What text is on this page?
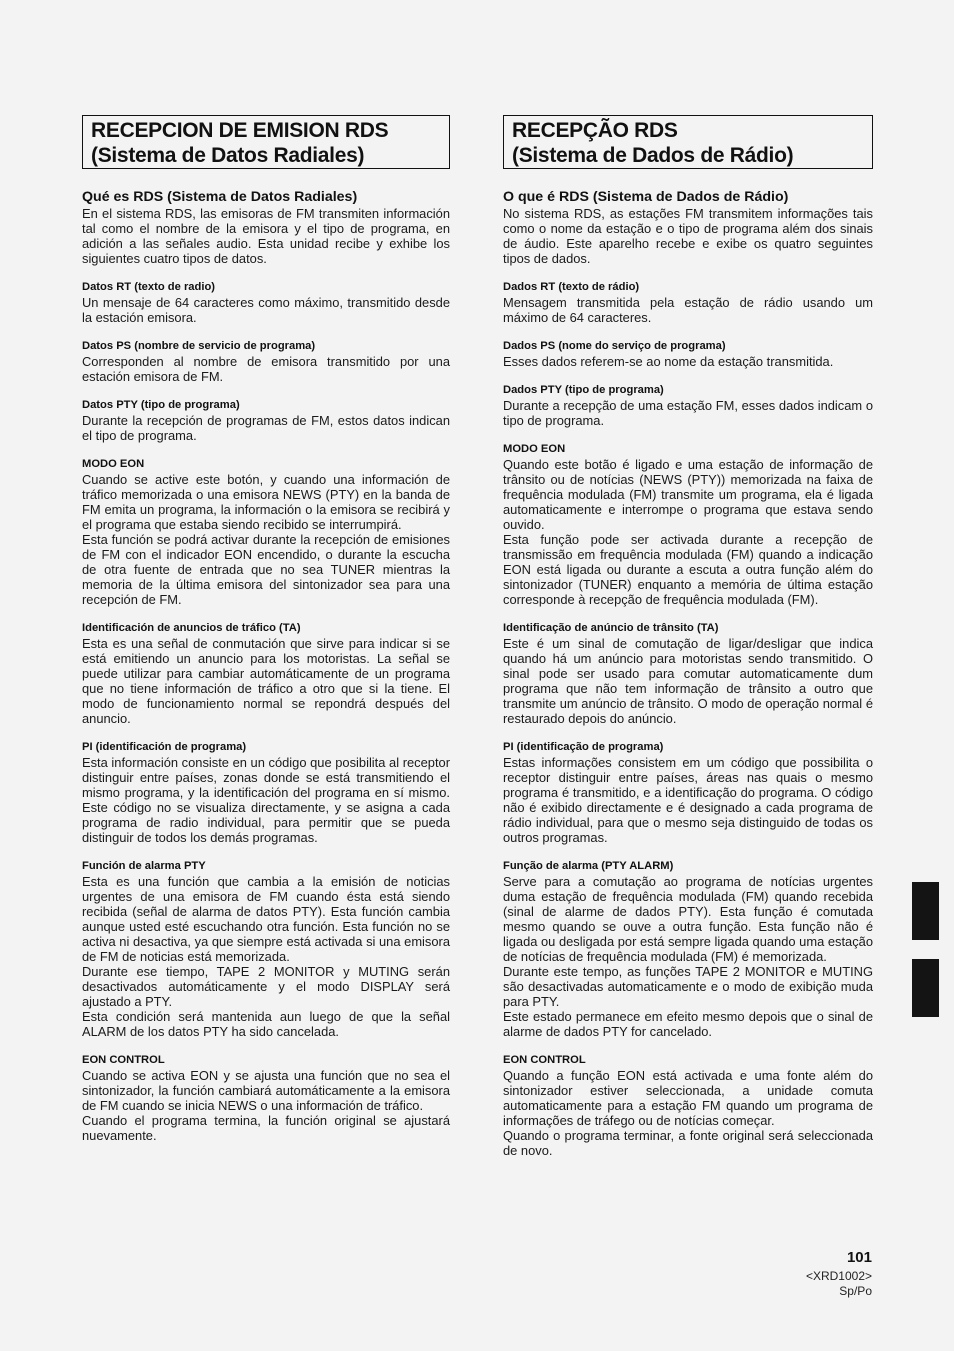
RECEPCION DE EMISION RDS
(Sistema de Datos Radiales)
Qué es RDS (Sistema de Datos Radiales)

En el sistema RDS, las emisoras de FM transmiten información tal como el nombre de la emisora y el tipo de programa, en adición a las señales audio. Esta unidad recibe y exhibe los siguientes cuatro tipos de datos.

Datos RT (texto de radio)

Un mensaje de 64 caracteres como máximo, transmitido desde la estación emisora.

Datos PS (nombre de servicio de programa)

Corresponden al nombre de emisora transmitido por una estación emisora de FM.

Datos PTY (tipo de programa)

Durante la recepción de programas de FM, estos datos indican el tipo de programa.

MODO EON

Cuando se active este botón, y cuando una información de tráfico memorizada o una emisora NEWS (PTY) en la banda de FM emita un programa, la información o la emisora se recibirá y el programa que estaba siendo recibido se interrumpirá.

Esta función se podrá activar durante la recepción de emisiones de FM con el indicador EON encendido, o durante la escucha de otra fuente de entrada que no sea TUNER mientras la memoria de la última emisora del sintonizador sea para una recepción de FM.

Identificación de anuncios de tráfico (TA)

Esta es una señal de conmutación que sirve para indicar si se está emitiendo un anuncio para los motoristas. La señal se puede utilizar para cambiar automáticamente de un programa que no tiene información de tráfico a otro que si la tiene. El modo de funcionamiento normal se repondrá después del anuncio.

PI (identificación de programa)

Esta información consiste en un código que posibilita al receptor distinguir entre países, zonas donde se está transmitiendo el mismo programa, y la identificación del programa en sí mismo. Este código no se visualiza directamente, y se asigna a cada programa de radio individual, para permitir que se pueda distinguir de todos los demás programas.

Función de alarma PTY

Esta es una función que cambia a la emisión de noticias urgentes de una emisora de FM cuando ésta está siendo recibida (señal de alarma de datos PTY). Esta función cambia aunque usted esté escuchando otra función. Esta función no se activa ni desactiva, ya que siempre está activada si una emisora de FM de noticias está memorizada.

Durante ese tiempo, TAPE 2 MONITOR y MUTING serán desactivados automáticamente y el modo DISPLAY será ajustado a PTY.

Esta condición será mantenida aun luego de que la señal ALARM de los datos PTY ha sido cancelada.

EON CONTROL

Cuando se activa EON y se ajusta una función que no sea el sintonizador, la función cambiará automáticamente a la emisora de FM cuando se inicia NEWS o una información de tráfico.

Cuando el programa termina, la función original se ajustará nuevamente.

RECEPÇÃO RDS
(Sistema de Dados de Rádio)
O que é RDS (Sistema de Dados de Rádio)

No sistema RDS, as estações FM transmitem informações tais como o nome da estação e o tipo de programa além dos sinais de áudio. Este aparelho recebe e exibe os quatro seguintes tipos de dados.

Dados RT (texto de rádio)

Mensagem transmitida pela estação de rádio usando um máximo de 64 caracteres.

Dados PS (nome do serviço de programa)

Esses dados referem-se ao nome da estação transmitida.

Dados PTY (tipo de programa)

Durante a recepção de uma estação FM, esses dados indicam o tipo de programa.

MODO EON

Quando este botão é ligado e uma estação de informação de trânsito ou de notícias (NEWS (PTY)) memorizada na faixa de frequência modulada (FM) transmite um programa, ela é ligada automaticamente e interrompe o programa que estava sendo ouvido.

Esta função pode ser activada durante a recepção de transmissão em frequência modulada (FM) quando a indicação EON está ligada ou durante a escuta a outra função além do sintonizador (TUNER) enquanto a memória de última estação corresponde à recepção de frequência modulada (FM).

Identificação de anúncio de trânsito (TA)

Este é um sinal de comutação de ligar/desligar que indica quando há um anúncio para motoristas sendo transmitido. O sinal pode ser usado para comutar automaticamente dum programa que não tem informação de trânsito a outro que transmite um anúncio de trânsito. O modo de operação normal é restaurado depois do anúncio.

PI (identificação de programa)

Estas informações consistem em um código que possibilita o receptor distinguir entre países, áreas nas quais o mesmo programa é transmitido, e a identificação do programa. O código não é exibido directamente e é designado a cada programa de rádio individual, para que o mesmo seja distinguido de todas os outros programas.

Função de alarma (PTY ALARM)

Serve para a comutação ao programa de notícias urgentes duma estação de frequência modulada (FM) quando recebida (sinal de alarme de dados PTY). Esta função é comutada mesmo quando se ouve a outra função. Esta função não é ligada ou desligada por está sempre ligada quando uma estação de notícias de frequência modulada (FM) é memorizada.

Durante este tempo, as funções TAPE 2 MONITOR e MUTING são desactivadas automaticamente e o modo de exibição muda para PTY.

Este estado permanece em efeito mesmo depois que o sinal de alarme de dados PTY for cancelado.

EON CONTROL

Quando a função EON está activada e uma fonte além do sintonizador estiver seleccionada, a unidade comuta automaticamente para a estação FM quando um programa de informações de tráfego ou de notícias começar.

Quando o programa terminar, a fonte original será seleccionada de novo.

101
<XRD1002>
Sp/Po
